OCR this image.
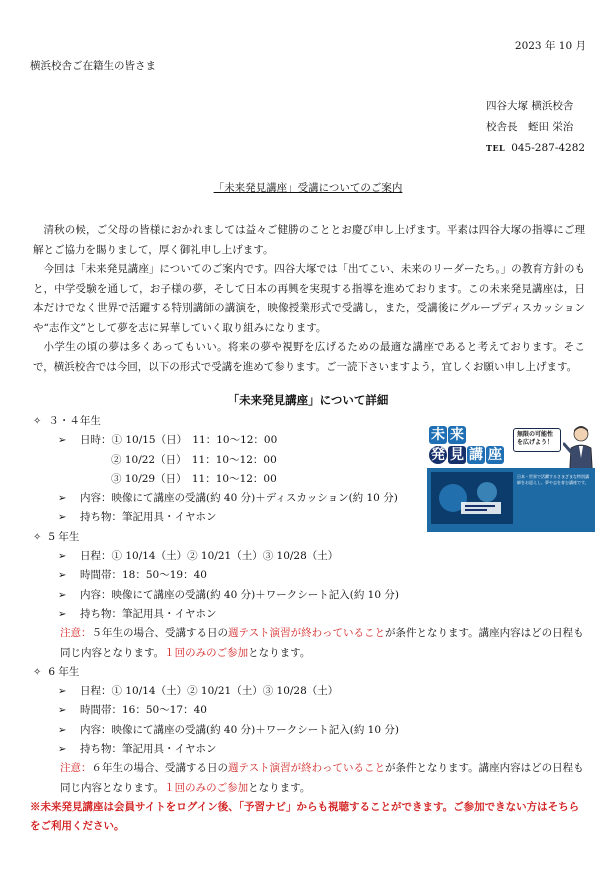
2023 年 10 月
横浜校舎ご在籍生の皆さま
四谷大塚 横浜校舎
校舎長　蛭田 栄治
TEL 045-287-4282
「未来発見講座」受講についてのご案内

清秋の候，ご父母の皆様におかれましては益々ご健勝のこととお慶び申し上げます。平素は四谷大塚の指導にご理解とご協力を賜りまして，厚く御礼申し上げます。

今回は「未来発見講座」についてのご案内です。四谷大塚では「出てこい、未来のリーダーたち。」の教育方針のもと，中学受験を通して，お子様の夢，そして日本の再興を実現する指導を進めております。この未来発見講座は，日本だけでなく世界で活躍する特別講師の講演を，映像授業形式で受講し，また，受講後にグループディスカッションや“志作文”として夢を志に昇華していく取り組みになります。

小学生の頃の夢は多くあってもいい。将来の夢や視野を広げるための最適な講座であると考えております。そこで，横浜校舎では今回，以下の形式で受講を進めて参ります。ご一読下さいますよう，宜しくお願い申し上げます。

「未来発見講座」について詳細
✧ ３・４年生
➢ 日時：① 10/15（日）　11：10～12：00
② 10/22（日）　11：10～12：00
③ 10/29（日）　11：10～12：00
➢ 内容：映像にて講座の受講(約 40 分)＋ディスカッション(約 10 分)
➢ 持ち物：筆記用具・イヤホン
✧ 5 年生
➢ 日程：① 10/14（土）② 10/21（土）③ 10/28（土）
➢ 時間帯：18：50～19：40
➢ 内容：映像にて講座の受講(約 40 分)＋ワークシート記入(約 10 分)
➢ 持ち物：筆記用具・イヤホン
注意：５年生の場合、受講する日の週テスト演習が終わっていることが条件となります。講座内容はどの日程も同じ内容となります。１回のみのご参加となります。
✧ 6 年生
➢ 日程：① 10/14（土）② 10/21（土）③ 10/28（土）
➢ 時間帯：16：50～17：40
➢ 内容：映像にて講座の受講(約 40 分)＋ワークシート記入(約 10 分)
➢ 持ち物：筆記用具・イヤホン
注意：６年生の場合、受講する日の週テスト演習が終わっていることが条件となります。講座内容はどの日程も同じ内容となります。１回のみのご参加となります。
※未来発見講座は会員サイトをログイン後、「予習ナビ」からも視聴することができます。ご参加できない方はそちらをご利用ください。
未 来
発 見 講 座
無限の可能性を広げよう！
日本・世界で活躍するさまざまな特別講師をお迎えし、夢や志を育む講座です。
